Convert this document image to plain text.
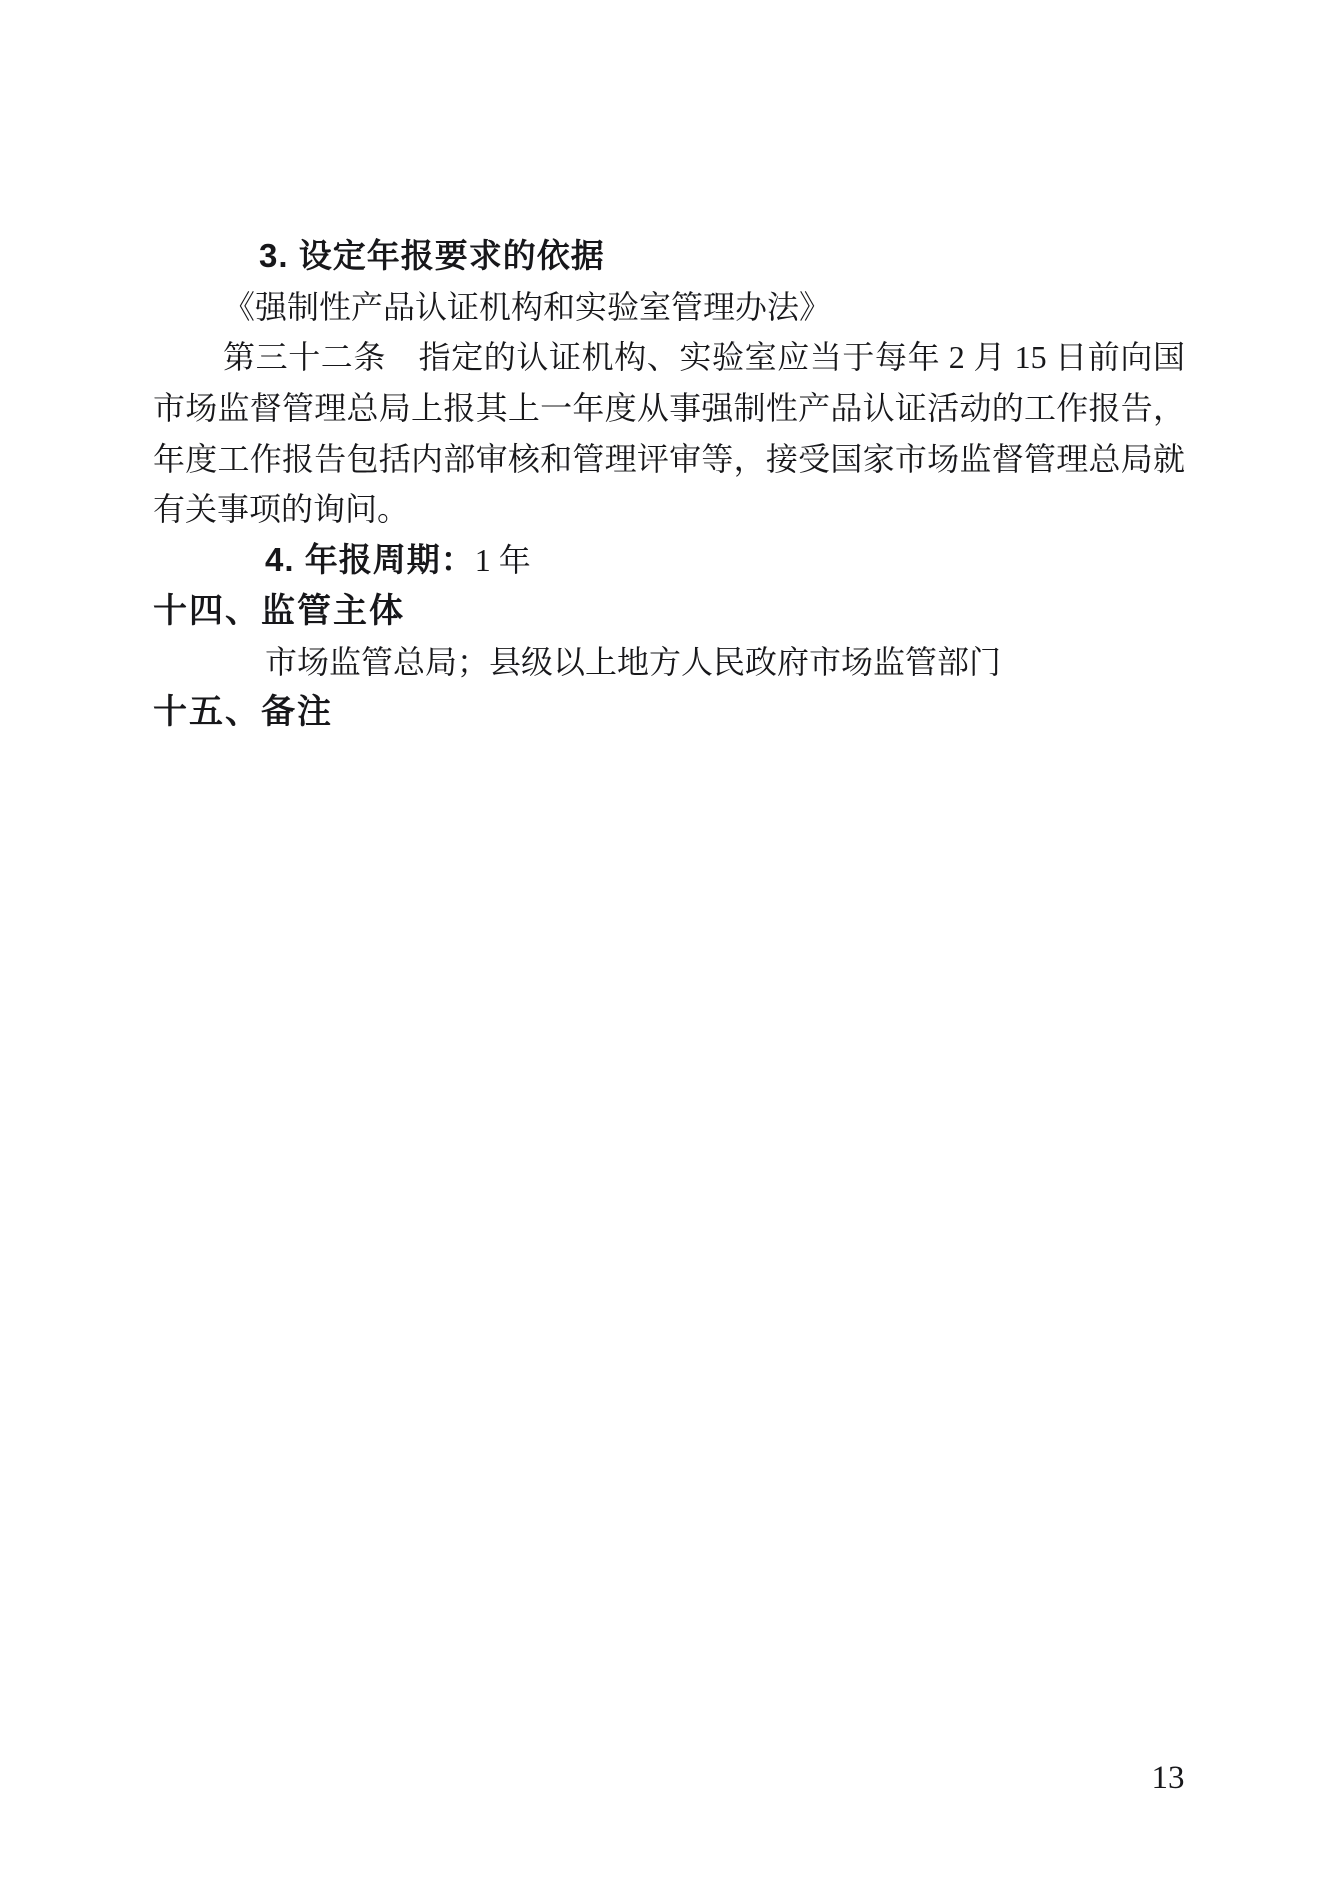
3. 设定年报要求的依据
《强制性产品认证机构和实验室管理办法》
第三十二条　指定的认证机构、实验室应当于每年 2 月 15 日前向国
市场监督管理总局上报其上一年度从事强制性产品认证活动的工作报告，
年度工作报告包括内部审核和管理评审等，接受国家市场监督管理总局就
有关事项的询问。
4. 年报周期：1 年
十四、监管主体
市场监管总局；县级以上地方人民政府市场监管部门
十五、备注
13
